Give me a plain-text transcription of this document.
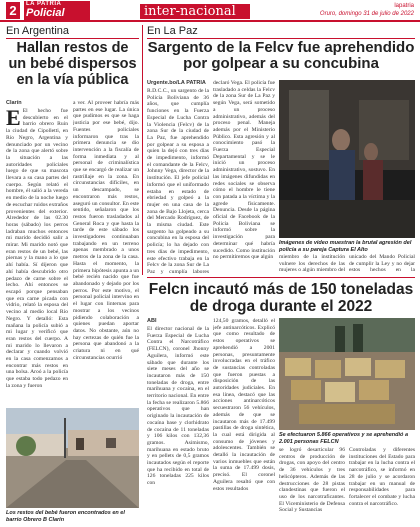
2	LA PATRIA
Policial	inter-nacional	lapatria
Oruro, domingo 31 de julio de 2022
En Argentina
Hallan restos de un bebé dispersos en la vía pública
Clarín
E El hecho fue descubierto en el barrio obrero Ruin la ciudad de Cipolletti, en Río Negro, Argentina y denunciado por un vecino de la zona que alertó sobre la situación a las autoridades policiales luego de que su mascota llevara a su casa partes del cuerpo. Según relató el hombre, él salió a la vereda en medio de la noche luego de escuchar ruidos extraños provenientes del exterior. Alrededor de las 02.30 horas (sábado) los perros ladraban muchos entonces mi marido decidió salir a mirar. Mi marido notó que eran restos de un bebé, las piernas y la mano a lo que ahí había. Sí dijeron que ahí había descubrido otro pedazo de carne sobre el lecho. Ahí entonces se escapó porque pensaban que era carne picada con vidrio, relató la esposa del vecino al medio local Río Negro. Y detalló: Esta mañana la policía subió a mi lugar y verificó que eran restos del cuerpo. A mi marido lo llevaron a declarar y cuando volvió en la casa comenzamos a encontrar más restos en una bolsa. Aroó a la policía que estaba todo pedazo en la zona y fueron
a ver. Al proveer habría más partes en ese lugar. La única que pudimos es que se haga justicia por ese bebé, dijo. Fuentes policiales informaron que tras la primera denuncia se dio intervención a la fiscalía de forma inmediata y al personal de criminalística que se encargó de realizar un rastrillaje en la zona. En circunstancias difíciles, en un descampado, se encontraron más restos, aseguró un consultor. En este sentido, señalaron que los restos fueron trasladados al General Roca y que hasta la tarde de este sábado los investigadores continuaban trabajando en un terreno apenas membrado a unos metros de la zona de la casa. Hasta el momento, la primera hipótesis apunta a un bebé recién nacido que fue abandonado y dejado por los perros. Por este motivo, el personal policial intervino en el lugar con linternas para mostrar a los vecinos pidiendo colaboración a quienes puedan aportar datos. No obstante, aún no hay certezas de quién fue la persona que abandonó a la criatura ni en qué circunstancias ocurrió
Los restos del bebé fueron encontrados en el barrio Obrero B Clarín
En La Paz
Sargento de la Felcv fue aprehendido por golpear a su concubina
Urgente.bo/LA PATRIA
R.D.C.C., un sargento de la Policía Boliviana de 36 años, que cumplía funciones en la Fuerza Especial de Lucha Contra la Violencia (Felcv) de la zona Sur de la ciudad de La Paz, fue aprehendido por golpear a su esposa a quien la dejó con tres días de impedimento, informó el comandante de la Felcv, Johnny Vega, director de la institución. El jefe policial informó que el uniformado estaba en estado de ebriedad y golpeó a la mujer en una casa de la zona de Bajo Llojeta, cerca del Mercado Rodríguez, de la misma ciudad. Este sargento ha golpeado a su concubina en la esposa del policía; lo ha dejado con tres días de impedimento, este efectivo trabaja en la Felcv de la zona Sur de La Paz y cumplía labores
declaró Vega. El policía fue trasladado a celdas la Felcv de la zona Sur de La Paz y según Vega, será sometido a un proceso administrativo, además del proceso penal. Maneja además por el Ministerio Público. Esta agresión y al conocimiento pasó la Fuerza Especial Departamental y se le inició un proceso administrativo, sostuvo. En las imágenes difundidas en redes sociales se observa cómo el hombre le tiene con patada a la víctima y la agrede físicamente. Denuncia. Desde la página oficial de Facebook de la Policía Boliviana se informó sobre la investigación para determinar qué habría sucedido. Como institución no permitiremos que algún
Imágenes de video muestran la brutal agresión del policía a su pareja Captura El Alto
miembro de la institución vulnere los derechos de las mujeres o algún miembro del
unicado del Mando Policial de cumplir la Ley y no dejar estos hechos en la
Felcn incautó más de 150 toneladas de droga durante el 2022
ABI
El director nacional de la Fuerza Especial de Lucha Contra el Narcotráfico (FELCN), coronel Jhonny Aguilera, informó este sábado que durante los siete meses del año se incautaron más de 150 toneladas de droga, entre marihuana y cocaína, en el territorio nacional. En entre la fecha se realizaron 5.866 operativos que han originado la incautación de cocaína base y clorhidrato de cocaína de 11 toneladas y 106 kilos con 132,36 gramos. Asimismo, marihuana en estado bruto y en pellets de 0,5 gramos incautados según el reporte que ha recibido en total de 126 toneladas 225 kilos con
124,50 gramos, detalló el jefe antinarcóticos. Explicó que como resultado de estos operativos se aprehendió a 2001 personas, presuntamente involucradas en el tráfico de sustancias controladas que fueron puestas a disposición de las autoridades judiciales. En esa línea, destacó que las acciones antinarcóticos secuestraron 56 vehículos, además de que se incautaron más de 17.499 pastillas de droga sintética, la cual está dirigida al consumo de jóvenes y adolescentes. También se detalló la incautación de varios inmuebles que están la suma de 17.499 dosis, precisó. El coronel Aguilera resaltó que con estos resultados
Se efectuaron 5.866 operativos y se aprehendió a 2.001 personas FELCN
se logró desarticular 96 centros de producción de drogas, con apoyo del centro de 36 vehículos y tres helicópteros. Además de las destrucciones de 28 pistas clandestinas que fueron el uso de los narcotraficantes. El Viceministerio de Defensa Social y Sustancias
Controladas y diferentes instituciones del Estado para trabajar en la lucha contra el narcotráfico, se informó en 28 de julio y se acordaron trabajar en un manual de responsabilidades para fortalecer el combate y lucha contra el narcotráfico.
